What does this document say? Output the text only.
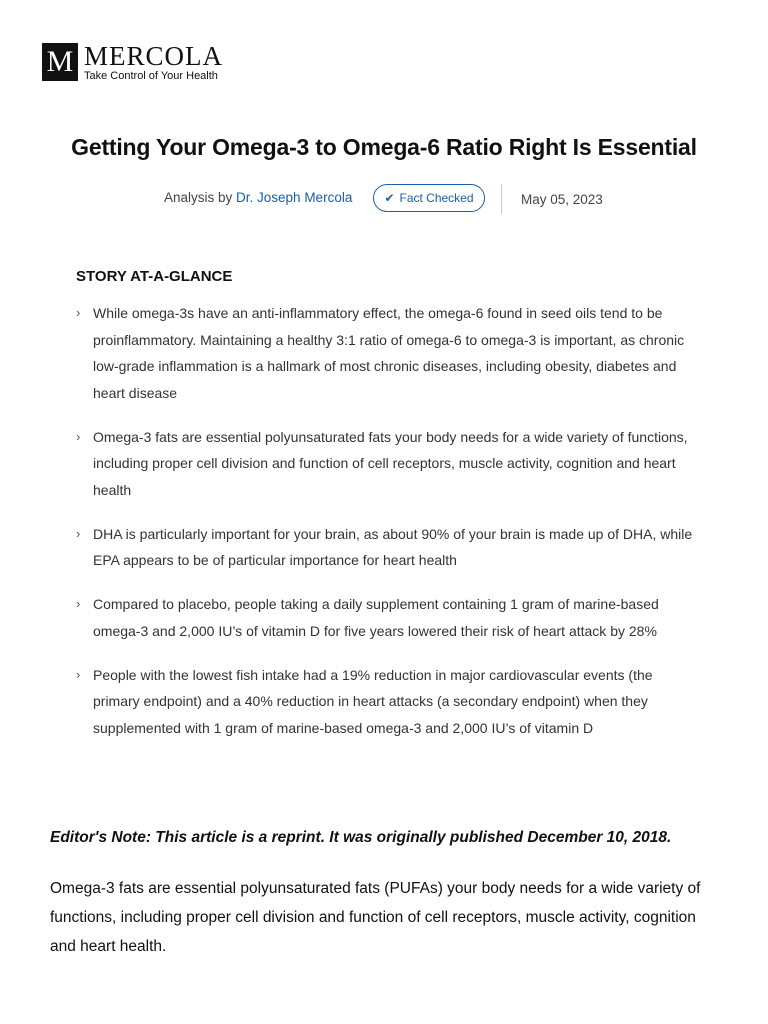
M MERCOLA
Take Control of Your Health
Getting Your Omega-3 to Omega-6 Ratio Right Is Essential
Analysis by Dr. Joseph Mercola	✔ Fact Checked	May 05, 2023
STORY AT-A-GLANCE
› While omega-3s have an anti-inflammatory effect, the omega-6 found in seed oils tend to be proinflammatory. Maintaining a healthy 3:1 ratio of omega-6 to omega-3 is important, as chronic low-grade inflammation is a hallmark of most chronic diseases, including obesity, diabetes and heart disease
› Omega-3 fats are essential polyunsaturated fats your body needs for a wide variety of functions, including proper cell division and function of cell receptors, muscle activity, cognition and heart health
› DHA is particularly important for your brain, as about 90% of your brain is made up of DHA, while EPA appears to be of particular importance for heart health
› Compared to placebo, people taking a daily supplement containing 1 gram of marine-based omega-3 and 2,000 IU’s of vitamin D for five years lowered their risk of heart attack by 28%
› People with the lowest fish intake had a 19% reduction in major cardiovascular events (the primary endpoint) and a 40% reduction in heart attacks (a secondary endpoint) when they supplemented with 1 gram of marine-based omega-3 and 2,000 IU’s of vitamin D
Editor's Note: This article is a reprint. It was originally published December 10, 2018.

Omega-3 fats are essential polyunsaturated fats (PUFAs) your body needs for a wide variety of functions, including proper cell division and function of cell receptors, muscle activity, cognition and heart health.
